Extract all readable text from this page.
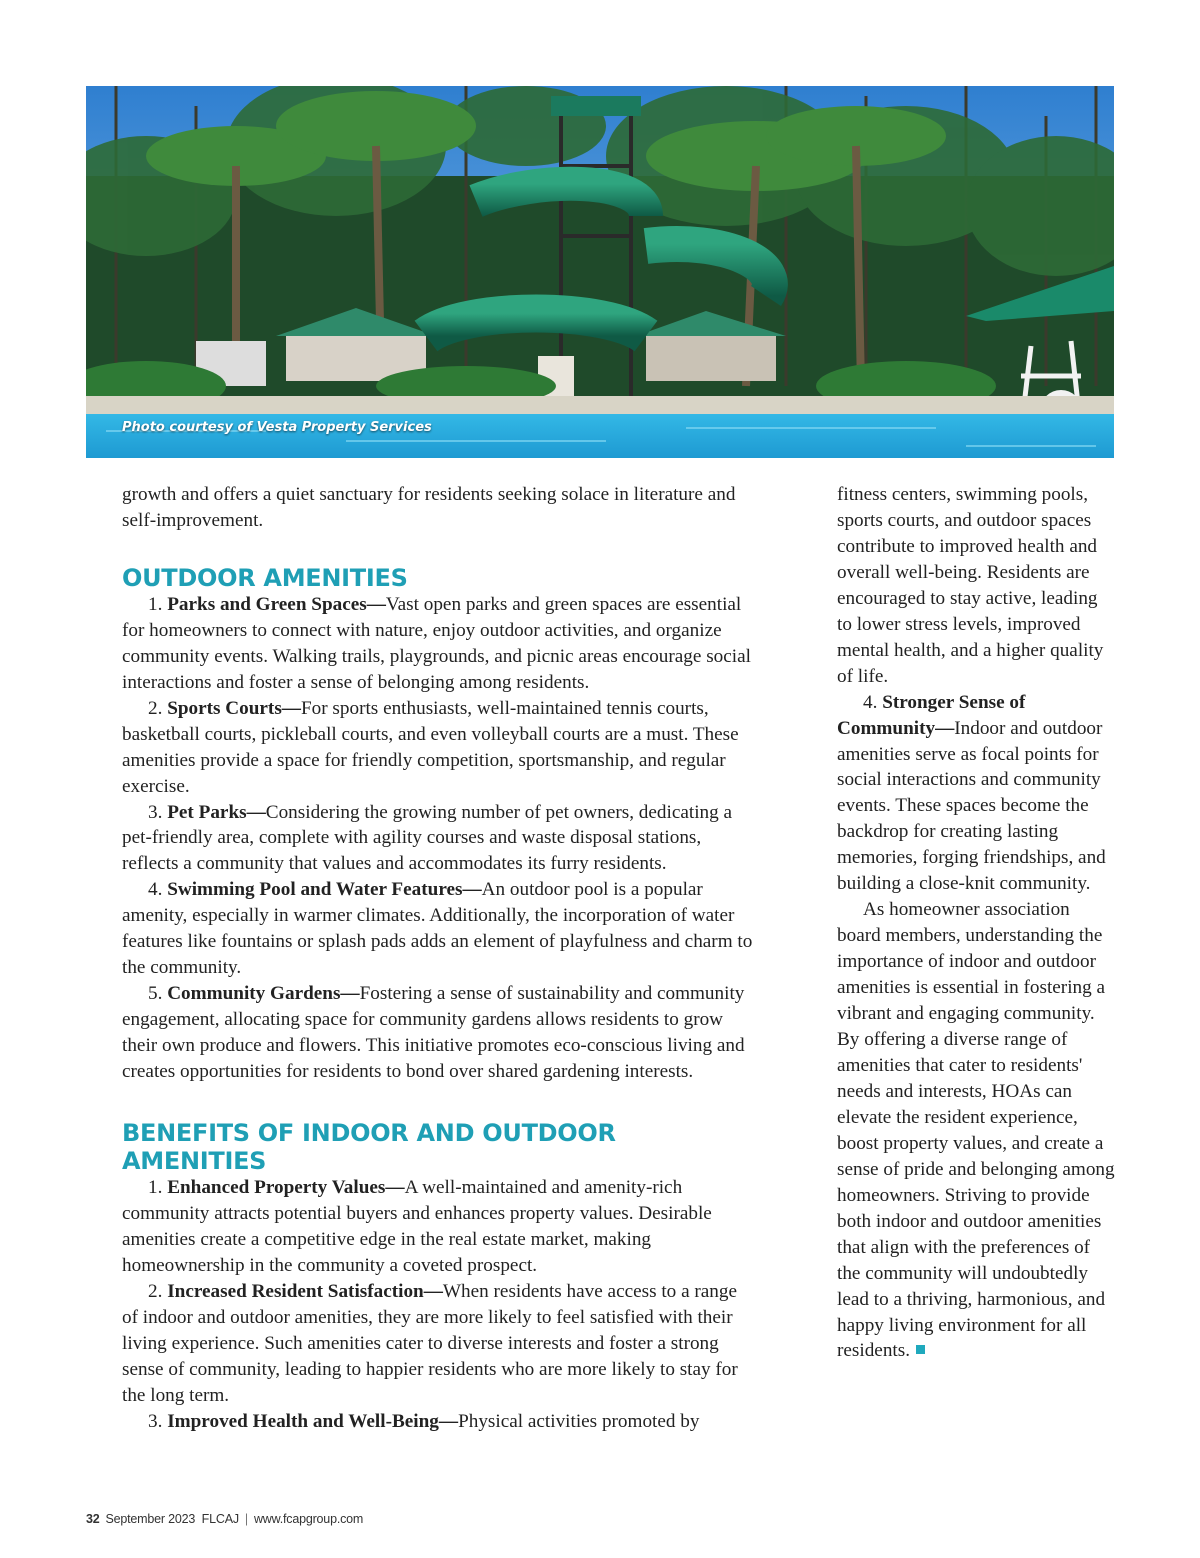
Photo courtesy of Vesta Property Services

growth and offers a quiet sanctuary for residents seeking solace in literature and self-improvement.

OUTDOOR AMENITIES

1. Parks and Green Spaces—Vast open parks and green spaces are essential for homeowners to connect with nature, enjoy outdoor activities, and organize community events. Walking trails, playgrounds, and picnic areas encourage social interactions and foster a sense of belonging among residents.

2. Sports Courts—For sports enthusiasts, well-maintained tennis courts, basketball courts, pickleball courts, and even volleyball courts are a must. These amenities provide a space for friendly competition, sportsmanship, and regular exercise.

3. Pet Parks—Considering the growing number of pet owners, dedicating a pet-friendly area, complete with agility courses and waste disposal stations, reflects a community that values and accommodates its furry residents.

4. Swimming Pool and Water Features—An outdoor pool is a popular amenity, especially in warmer climates. Additionally, the incorporation of water features like fountains or splash pads adds an element of playfulness and charm to the community.

5. Community Gardens—Fostering a sense of sustainability and community engagement, allocating space for community gardens allows residents to grow their own produce and flowers. This initiative promotes eco-conscious living and creates opportunities for residents to bond over shared gardening interests.

BENEFITS OF INDOOR AND OUTDOOR AMENITIES

1. Enhanced Property Values—A well-maintained and amenity-rich community attracts potential buyers and enhances property values. Desirable amenities create a competitive edge in the real estate market, making homeownership in the community a coveted prospect.

2. Increased Resident Satisfaction—When residents have access to a range of indoor and outdoor amenities, they are more likely to feel satisfied with their living experience. Such amenities cater to diverse interests and foster a strong sense of community, leading to happier residents who are more likely to stay for the long term.

3. Improved Health and Well-Being—Physical activities promoted by

fitness centers, swimming pools, sports courts, and outdoor spaces contribute to improved health and overall well-being. Residents are encouraged to stay active, leading to lower stress levels, improved mental health, and a higher quality of life.

4. Stronger Sense of Community—Indoor and outdoor amenities serve as focal points for social interactions and community events. These spaces become the backdrop for creating lasting memories, forging friendships, and building a close-knit community.

As homeowner association board members, understanding the importance of indoor and outdoor amenities is essential in fostering a vibrant and engaging community. By offering a diverse range of amenities that cater to residents' needs and interests, HOAs can elevate the resident experience, boost property values, and create a sense of pride and belonging among homeowners. Striving to provide both indoor and outdoor amenities that align with the preferences of the community will undoubtedly lead to a thriving, harmonious, and happy living environment for all residents.

32 September 2023  FLCAJ | www.fcapgroup.com
